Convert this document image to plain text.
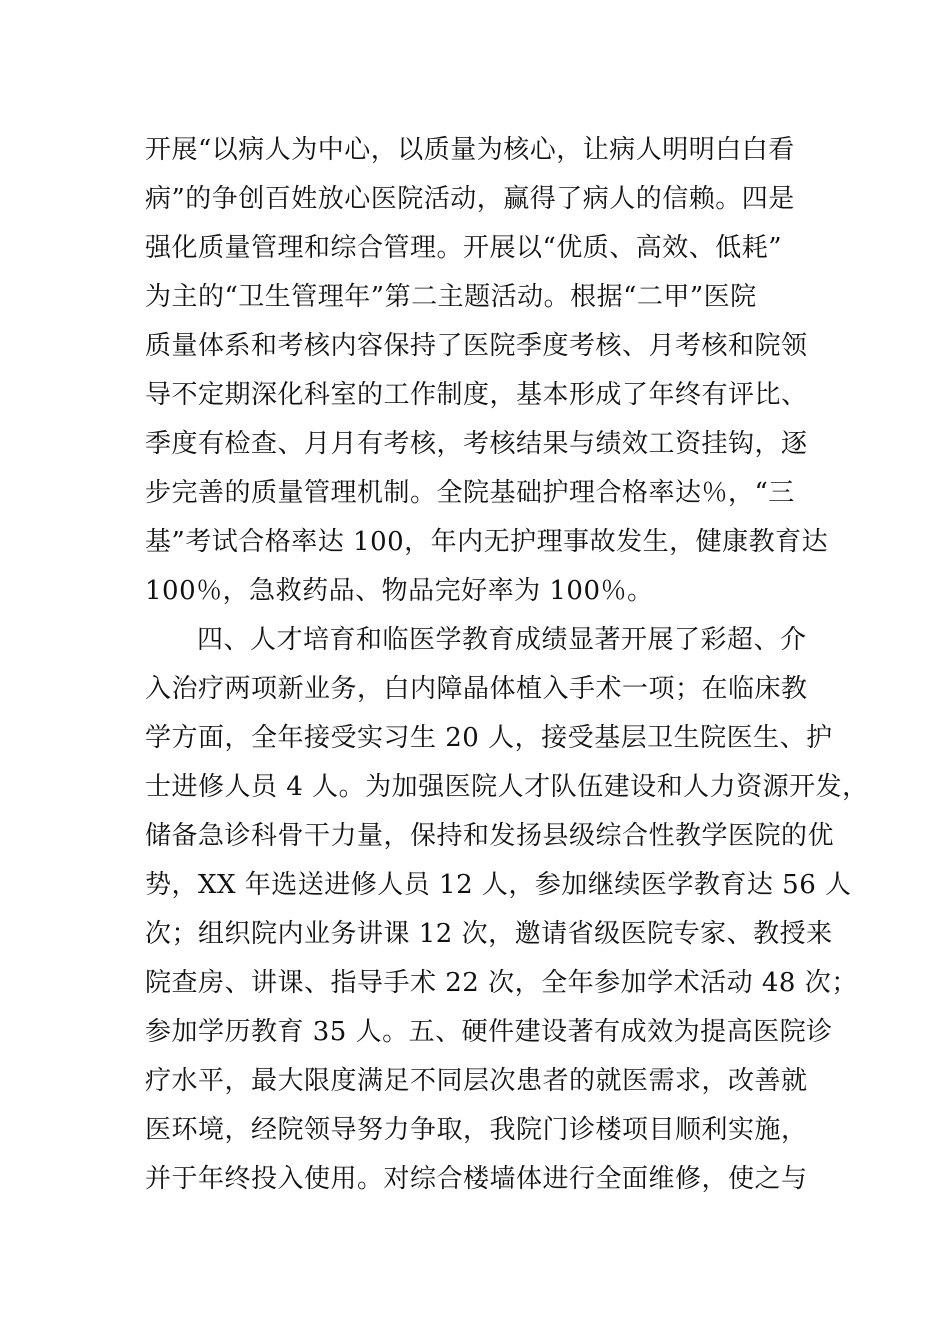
开展“以病人为中心，以质量为核心，让病人明明白白看
病”的争创百姓放心医院活动，赢得了病人的信赖。四是
强化质量管理和综合管理。开展以“优质、高效、低耗”
为主的“卫生管理年”第二主题活动。根据“二甲”医院
质量体系和考核内容保持了医院季度考核、月考核和院领
导不定期深化科室的工作制度，基本形成了年终有评比、
季度有检查、月月有考核，考核结果与绩效工资挂钩，逐
步完善的质量管理机制。全院基础护理合格率达％，“三
基”考试合格率达 100，年内无护理事故发生，健康教育达
100％，急救药品、物品完好率为 100％。
四、人才培育和临医学教育成绩显著开展了彩超、介
入治疗两项新业务，白内障晶体植入手术一项；在临床教
学方面，全年接受实习生 20 人，接受基层卫生院医生、护
士进修人员 4 人。为加强医院人才队伍建设和人力资源开发，
储备急诊科骨干力量，保持和发扬县级综合性教学医院的优
势，XX 年选送进修人员 12 人，参加继续医学教育达 56 人
次；组织院内业务讲课 12 次，邀请省级医院专家、教授来
院查房、讲课、指导手术 22 次，全年参加学术活动 48 次；
参加学历教育 35 人。五、硬件建设著有成效为提高医院诊
疗水平，最大限度满足不同层次患者的就医需求，改善就
医环境，经院领导努力争取，我院门诊楼项目顺利实施，
并于年终投入使用。对综合楼墙体进行全面维修，使之与
